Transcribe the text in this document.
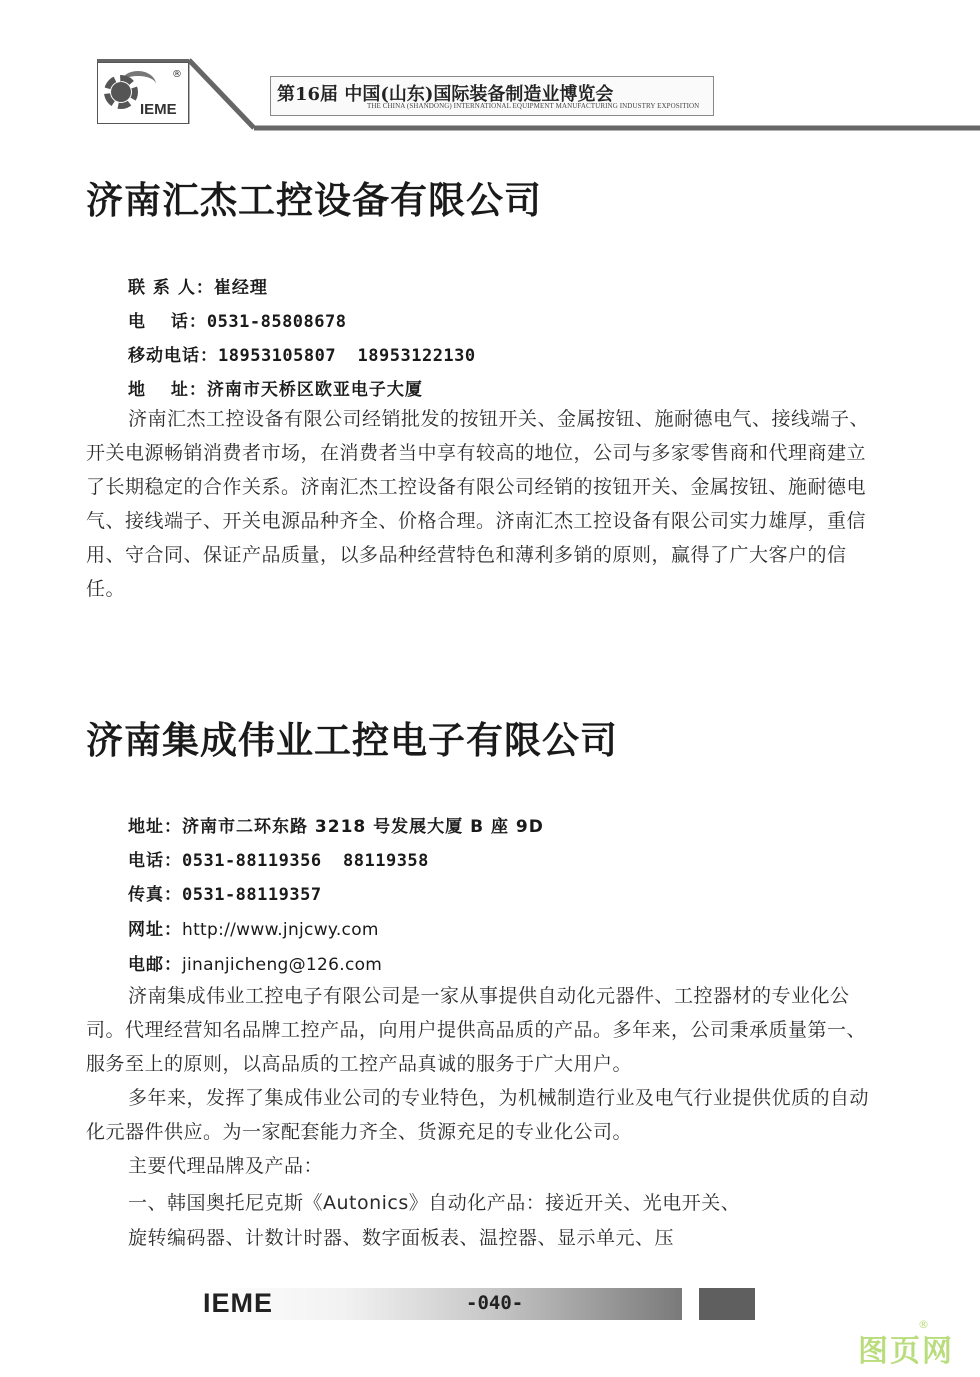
IEME
®
第16届 中国(山东)国际装备制造业博览会
THE CHINA (SHANDONG) INTERNATIONAL EQUIPMENT MANUFACTURING INDUSTRY EXPOSITION
济南汇杰工控设备有限公司
联 系 人：崔经理
电　 话：0531-85808678
移动电话：18953105807  18953122130
地　 址：济南市天桥区欧亚电子大厦

济南汇杰工控设备有限公司经销批发的按钮开关、金属按钮、施耐德电气、接线端子、开关电源畅销消费者市场，在消费者当中享有较高的地位，公司与多家零售商和代理商建立了长期稳定的合作关系。济南汇杰工控设备有限公司经销的按钮开关、金属按钮、施耐德电气、接线端子、开关电源品种齐全、价格合理。济南汇杰工控设备有限公司实力雄厚，重信用、守合同、保证产品质量，以多品种经营特色和薄利多销的原则，赢得了广大客户的信任。

济南集成伟业工控电子有限公司
地址：济南市二环东路 3218 号发展大厦 B 座 9D
电话：0531-88119356  88119358
传真：0531-88119357
网址：http://www.jnjcwy.com
电邮：jinanjicheng@126.com

济南集成伟业工控电子有限公司是一家从事提供自动化元器件、工控器材的专业化公司。代理经营知名品牌工控产品，向用户提供高品质的产品。多年来，公司秉承质量第一、服务至上的原则，以高品质的工控产品真诚的服务于广大用户。

多年来，发挥了集成伟业公司的专业特色，为机械制造行业及电气行业提供优质的自动化元器件供应。为一家配套能力齐全、货源充足的专业化公司。

主要代理品牌及产品：

一、韩国奥托尼克斯《Autonics》自动化产品：接近开关、光电开关、

旋转编码器、计数计时器、数字面板表、温控器、显示单元、压

IEME	-040-
图页网
®
